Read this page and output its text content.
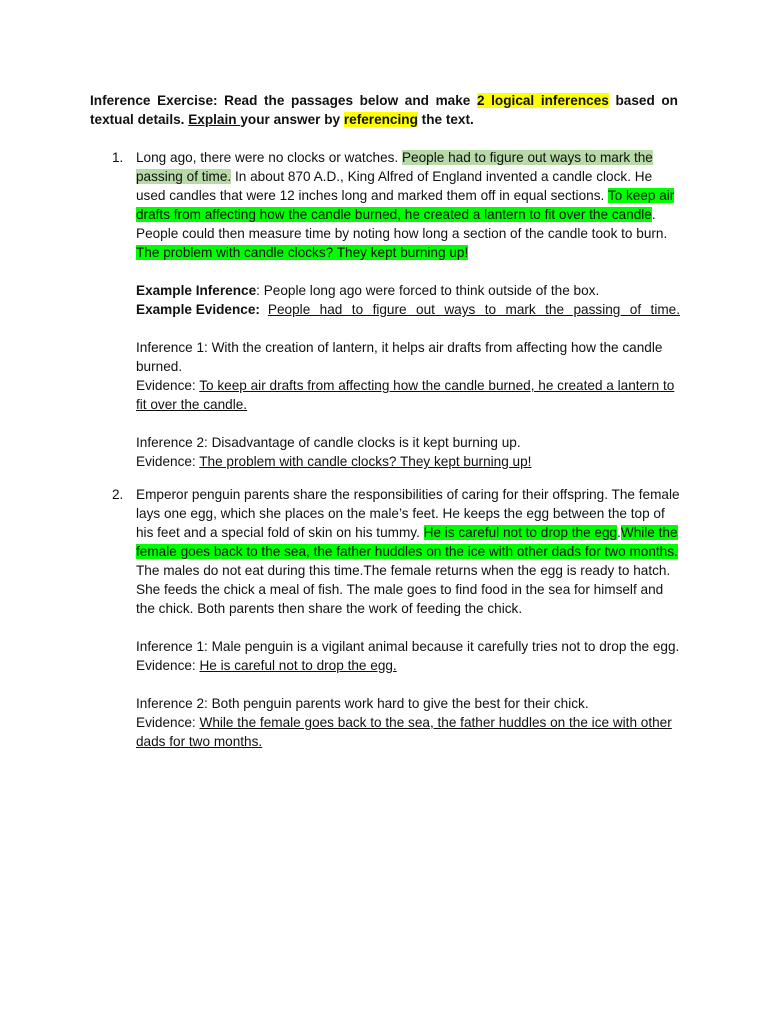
Inference Exercise: Read the passages below and make 2 logical inferences based on textual details. Explain your answer by referencing the text.
1. Long ago, there were no clocks or watches. People had to figure out ways to mark the passing of time. In about 870 A.D., King Alfred of England invented a candle clock. He used candles that were 12 inches long and marked them off in equal sections. To keep air drafts from affecting how the candle burned, he created a lantern to fit over the candle. People could then measure time by noting how long a section of the candle took to burn. The problem with candle clocks? They kept burning up!

Example Inference: People long ago were forced to think outside of the box.

Example Evidence: People had to figure out ways to mark the passing of time.

Inference 1: With the creation of lantern, it helps air drafts from affecting how the candle burned.

Evidence: To keep air drafts from affecting how the candle burned, he created a lantern to fit over the candle.

Inference 2: Disadvantage of candle clocks is it kept burning up.

Evidence: The problem with candle clocks? They kept burning up!

2. Emperor penguin parents share the responsibilities of caring for their offspring. The female lays one egg, which she places on the male’s feet. He keeps the egg between the top of his feet and a special fold of skin on his tummy. He is careful not to drop the egg.While the female goes back to the sea, the father huddles on the ice with other dads for two months. The males do not eat during this time.The female returns when the egg is ready to hatch. She feeds the chick a meal of fish. The male goes to find food in the sea for himself and the chick. Both parents then share the work of feeding the chick.

Inference 1: Male penguin is a vigilant animal because it carefully tries not to drop the egg.

Evidence: He is careful not to drop the egg.

Inference 2: Both penguin parents work hard to give the best for their chick.

Evidence: While the female goes back to the sea, the father huddles on the ice with other dads for two months.
